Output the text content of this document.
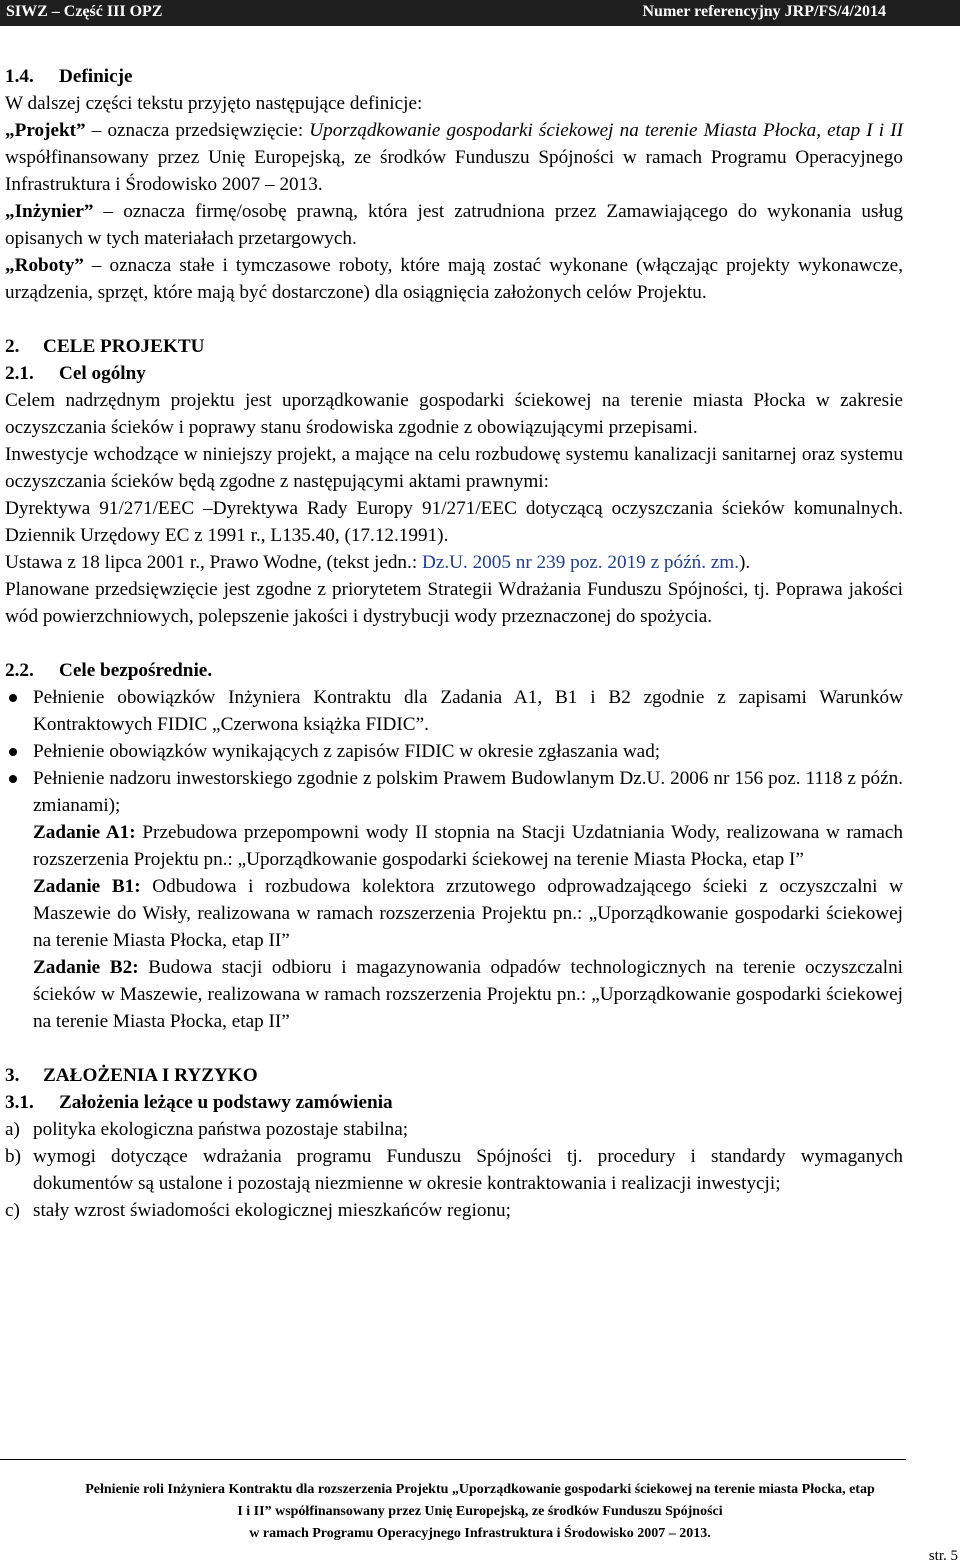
SIWZ – Część III OPZ	Numer referencyjny JRP/FS/4/2014

1.4. Definicje

W dalszej części tekstu przyjęto następujące definicje:

„Projekt” – oznacza przedsięwzięcie: Uporządkowanie gospodarki ściekowej na terenie Miasta Płocka, etap I i II współfinansowany przez Unię Europejską, ze środków Funduszu Spójności w ramach Programu Operacyjnego Infrastruktura i Środowisko 2007 – 2013.

„Inżynier” – oznacza firmę/osobę prawną, która jest zatrudniona przez Zamawiającego do wykonania usług opisanych w tych materiałach przetargowych.

„Roboty” – oznacza stałe i tymczasowe roboty, które mają zostać wykonane (włączając projekty wykonawcze, urządzenia, sprzęt, które mają być dostarczone) dla osiągnięcia założonych celów Projektu.

2. CELE PROJEKTU

2.1. Cel ogólny

Celem nadrzędnym projektu jest uporządkowanie gospodarki ściekowej na terenie miasta Płocka w zakresie oczyszczania ścieków i poprawy stanu środowiska zgodnie z obowiązującymi przepisami.

Inwestycje wchodzące w niniejszy projekt, a mające na celu rozbudowę systemu kanalizacji sanitarnej oraz systemu oczyszczania ścieków będą zgodne z następującymi aktami prawnymi:

Dyrektywa 91/271/EEC –Dyrektywa Rady Europy 91/271/EEC dotyczącą oczyszczania ścieków komunalnych. Dziennik Urzędowy EC z 1991 r., L135.40, (17.12.1991).

Ustawa z 18 lipca 2001 r., Prawo Wodne, (tekst jedn.: Dz.U. 2005 nr 239 poz. 2019 z późń. zm.).

Planowane przedsięwzięcie jest zgodne z priorytetem Strategii Wdrażania Funduszu Spójności, tj. Poprawa jakości wód powierzchniowych, polepszenie jakości i dystrybucji wody przeznaczonej do spożycia.

2.2. Cele bezpośrednie.

Pełnienie obowiązków Inżyniera Kontraktu dla Zadania A1, B1 i B2 zgodnie z zapisami Warunków Kontraktowych FIDIC „Czerwona książka FIDIC”.
Pełnienie obowiązków wynikających z zapisów FIDIC w okresie zgłaszania wad;
Pełnienie nadzoru inwestorskiego zgodnie z polskim Prawem Budowlanym Dz.U. 2006 nr 156 poz. 1118 z późn. zmianami);

Zadanie A1: Przebudowa przepompowni wody II stopnia na Stacji Uzdatniania Wody, realizowana w ramach rozszerzenia Projektu pn.: „Uporządkowanie gospodarki ściekowej na terenie Miasta Płocka, etap I”

Zadanie B1: Odbudowa i rozbudowa kolektora zrzutowego odprowadzającego ścieki z oczyszczalni w Maszewie do Wisły, realizowana w ramach rozszerzenia Projektu pn.: „Uporządkowanie gospodarki ściekowej na terenie Miasta Płocka, etap II”

Zadanie B2: Budowa stacji odbioru i magazynowania odpadów technologicznych na terenie oczyszczalni ścieków w Maszewie, realizowana w ramach rozszerzenia Projektu pn.: „Uporządkowanie gospodarki ściekowej na terenie Miasta Płocka, etap II”

3. ZAŁOŻENIA I RYZYKO

3.1. Założenia leżące u podstawy zamówienia

a) polityka ekologiczna państwa pozostaje stabilna;
b) wymogi dotyczące wdrażania programu Funduszu Spójności tj. procedury i standardy wymaganych dokumentów są ustalone i pozostają niezmienne w okresie kontraktowania i realizacji inwestycji;
c) stały wzrost świadomości ekologicznej mieszkańców regionu;
Pełnienie roli Inżyniera Kontraktu dla rozszerzenia Projektu „Uporządkowanie gospodarki ściekowej na terenie miasta Płocka, etap
I i II” współfinansowany przez Unię Europejską, ze środków Funduszu Spójności
w ramach Programu Operacyjnego Infrastruktura i Środowisko 2007 – 2013.
str. 5
